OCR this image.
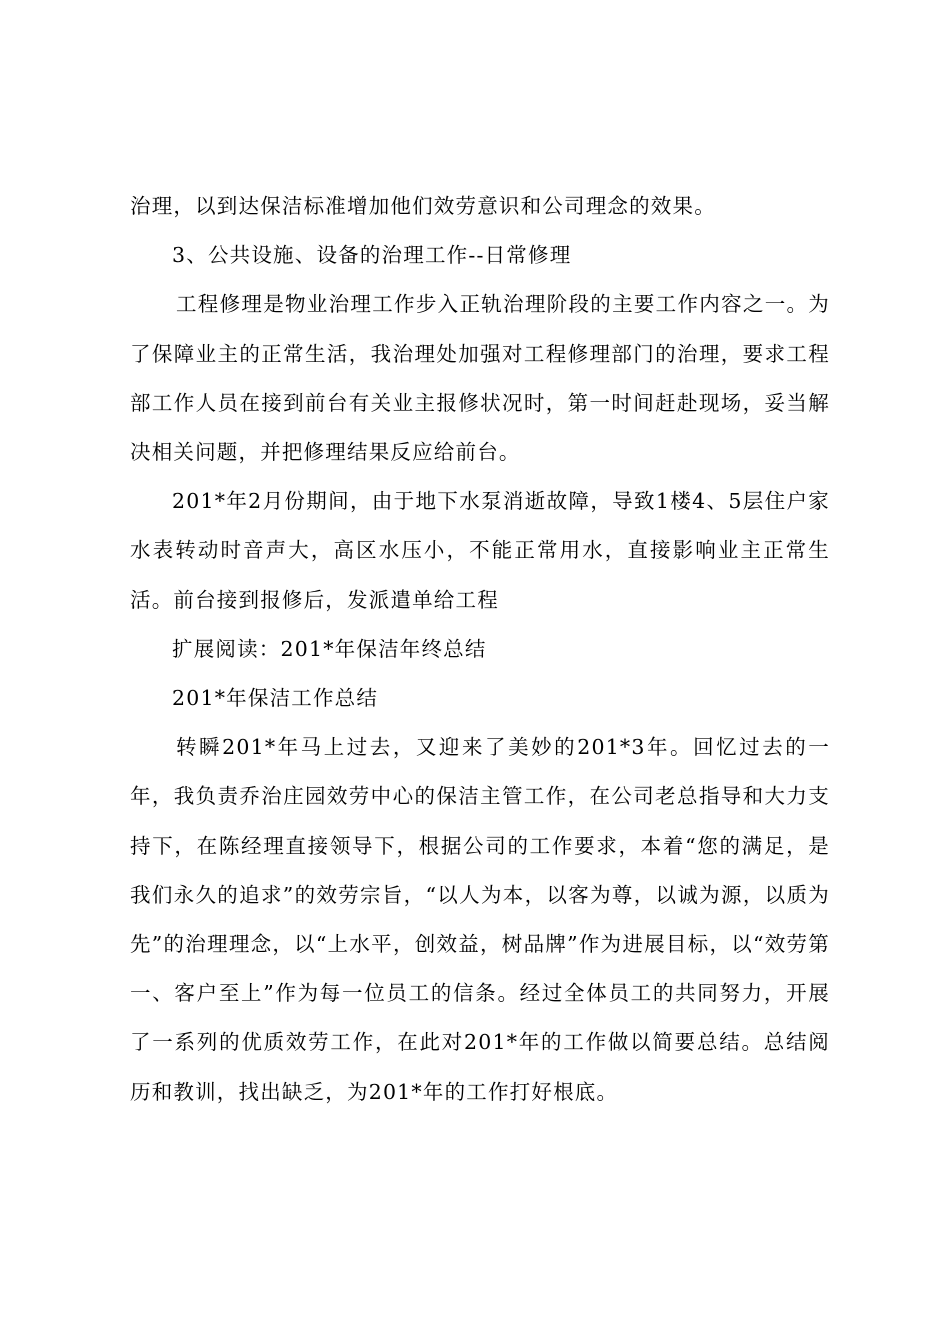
治理，以到达保洁标准增加他们效劳意识和公司理念的效果。

3、公共设施、设备的治理工作--日常修理

工程修理是物业治理工作步入正轨治理阶段的主要工作内容之一。为了保障业主的正常生活，我治理处加强对工程修理部门的治理，要求工程部工作人员在接到前台有关业主报修状况时，第一时间赶赴现场，妥当解决相关问题，并把修理结果反应给前台。

201*年2月份期间，由于地下水泵消逝故障，导致1楼4、5层住户家水表转动时音声大，高区水压小，不能正常用水，直接影响业主正常生活。前台接到报修后，发派遣单给工程

扩展阅读：201*年保洁年终总结

201*年保洁工作总结

转瞬201*年马上过去，又迎来了美妙的201*3年。回忆过去的一年，我负责乔治庄园效劳中心的保洁主管工作，在公司老总指导和大力支持下，在陈经理直接领导下，根据公司的工作要求，本着“您的满足，是我们永久的追求”的效劳宗旨，“以人为本，以客为尊，以诚为源，以质为先”的治理理念，以“上水平，创效益，树品牌”作为进展目标，以“效劳第一、客户至上”作为每一位员工的信条。经过全体员工的共同努力，开展了一系列的优质效劳工作，在此对201*年的工作做以简要总结。总结阅历和教训，找出缺乏，为201*年的工作打好根底。
